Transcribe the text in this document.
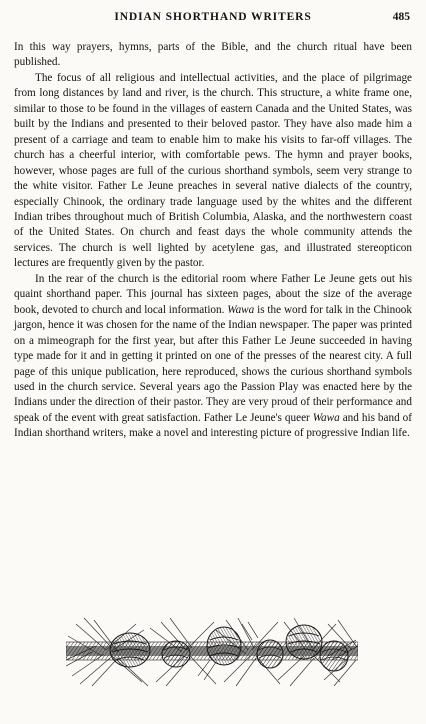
INDIAN SHORTHAND WRITERS	485

In this way prayers, hymns, parts of the Bible, and the church ritual have been published.

The focus of all religious and intellectual activities, and the place of pilgrimage from long distances by land and river, is the church. This structure, a white frame one, similar to those to be found in the villages of eastern Canada and the United States, was built by the Indians and presented to their beloved pastor. They have also made him a present of a carriage and team to enable him to make his visits to far-off villages. The church has a cheerful interior, with comfortable pews. The hymn and prayer books, however, whose pages are full of the curious shorthand symbols, seem very strange to the white visitor. Father Le Jeune preaches in several native dialects of the country, especially Chinook, the ordinary trade language used by the whites and the different Indian tribes throughout much of British Columbia, Alaska, and the northwestern coast of the United States. On church and feast days the whole community attends the services. The church is well lighted by acetylene gas, and illustrated stereopticon lectures are frequently given by the pastor.

In the rear of the church is the editorial room where Father Le Jeune gets out his quaint shorthand paper. This journal has sixteen pages, about the size of the average book, devoted to church and local information. Wawa is the word for talk in the Chinook jargon, hence it was chosen for the name of the Indian newspaper. The paper was printed on a mimeograph for the first year, but after this Father Le Jeune succeeded in having type made for it and in getting it printed on one of the presses of the nearest city. A full page of this unique publication, here reproduced, shows the curious shorthand symbols used in the church service. Several years ago the Passion Play was enacted here by the Indians under the direction of their pastor. They are very proud of their performance and speak of the event with great satisfaction. Father Le Jeune's queer Wawa and his band of Indian shorthand writers, make a novel and interesting picture of progressive Indian life.
